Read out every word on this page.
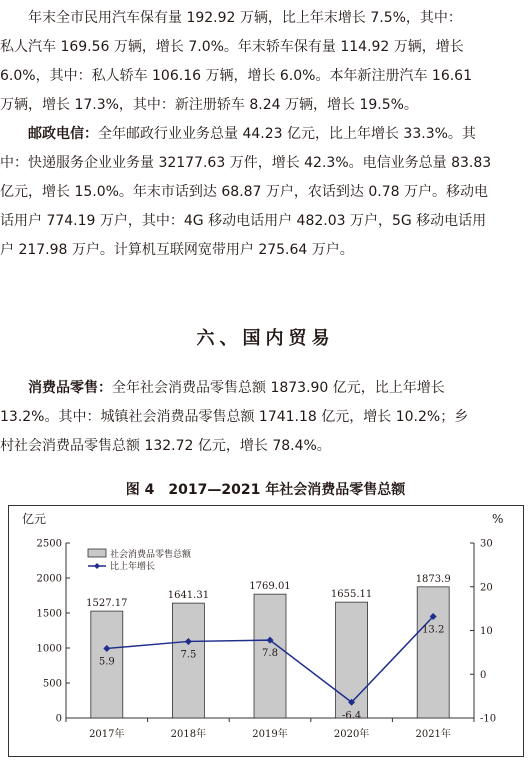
年末全市民用汽车保有量 192.92 万辆，比上年末增长 7.5%，其中：
私人汽车 169.56 万辆，增长 7.0%。年末轿车保有量 114.92 万辆，增长
6.0%，其中：私人轿车 106.16 万辆，增长 6.0%。本年新注册汽车 16.61
万辆，增长 17.3%，其中：新注册轿车 8.24 万辆，增长 19.5%。
邮政电信：全年邮政行业业务总量 44.23 亿元，比上年增长 33.3%。其
中：快递服务企业业务量 32177.63 万件，增长 42.3%。电信业务总量 83.83
亿元，增长 15.0%。年末市话到达 68.87 万户，农话到达 0.78 万户。移动电
话用户 774.19 万户，其中：4G 移动电话用户 482.03 万户，5G 移动电话用
户 217.98 万户。计算机互联网宽带用户 275.64 万户。
六、国内贸易
消费品零售：全年社会消费品零售总额 1873.90 亿元，比上年增长
13.2%。其中：城镇社会消费品零售总额 1741.18 亿元，增长 10.2%；乡
村社会消费品零售总额 132.72 亿元，增长 78.4%。
图 4　2017—2021 年社会消费品零售总额
亿元	%
0
500
1000
1500
2000
2500
-10
0
10
20
30
1527.17
1641.31
1769.01
1655.11
1873.9
2017年	2018年	2019年	2020年	2021年
5.9
7.5	7.8
-6.4
13.2
社会消费品零售总额
比上年增长
